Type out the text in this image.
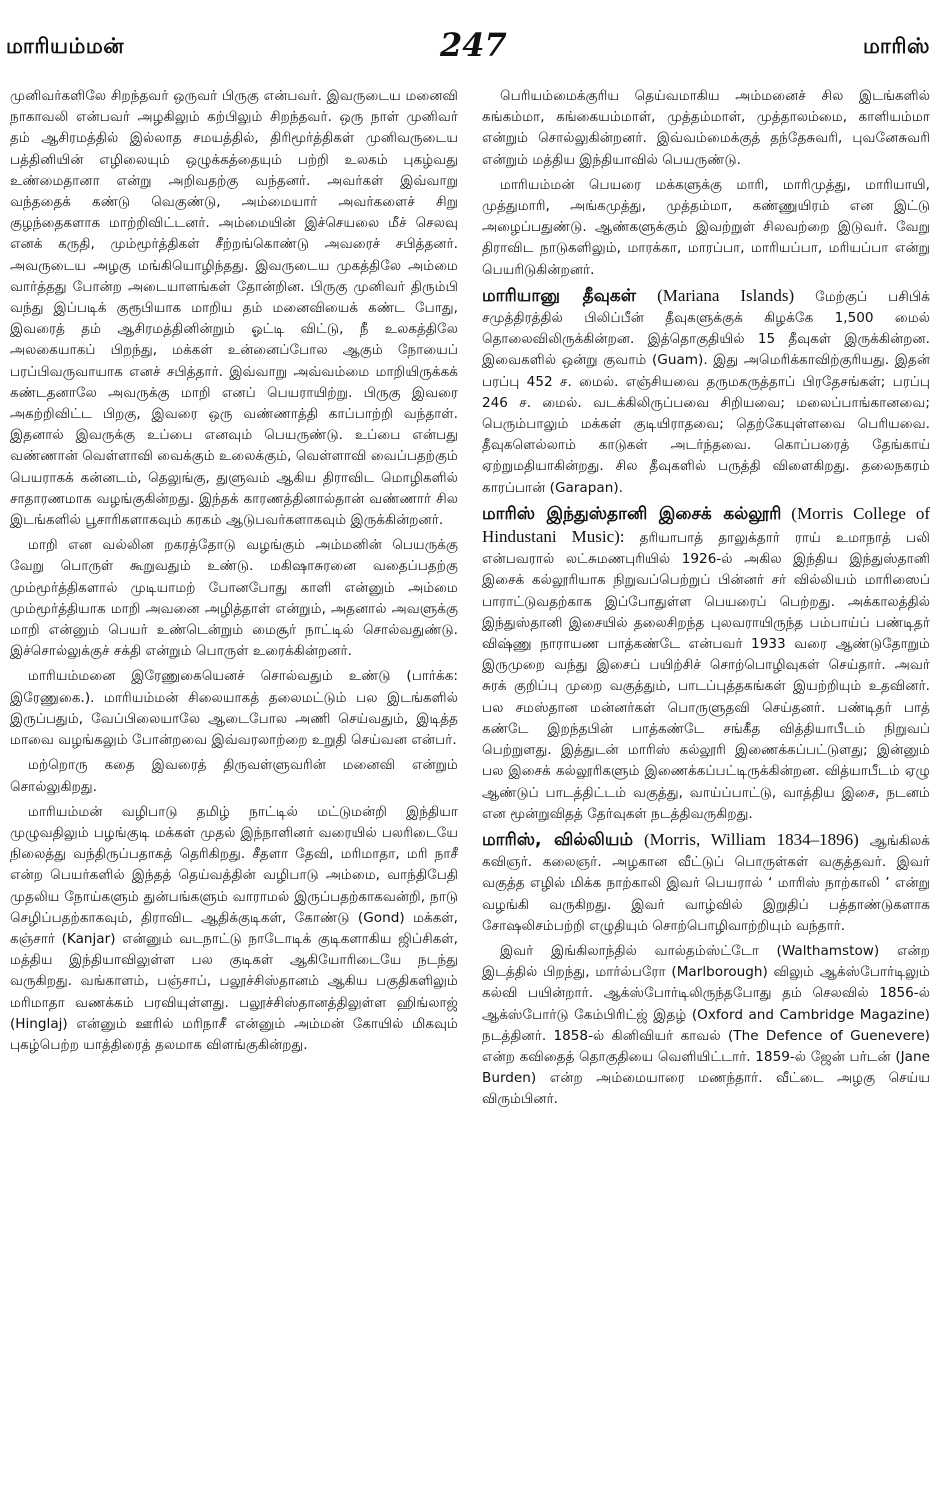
மாரியம்மன்	247	மாரிஸ்

முனிவர்களிலே சிறந்தவர் ஒருவர் பிருகு என்பவர். இவருடைய மனைவி நாகாவலி என்பவர் அழகிலும் கற்பிலும் சிறந்தவர். ஒரு நாள் முனிவர் தம் ஆசிரமத்தில் இல்லாத சமயத்தில், திரிமூர்த்திகள் முனிவருடைய பத்தினியின் எழிலையும் ஒழுக்கத்தையும் பற்றி உலகம் புகழ்வது உண்மைதானா என்று அறிவதற்கு வந்தனர். அவர்கள் இவ்வாறு வந்ததைக் கண்டு வெகுண்டு, அம்மையார் அவர்களைச் சிறு குழந்தைகளாக மாற்றிவிட்டனர். அம்மையின் இச்செயலை மீச் செலவு எனக் கருதி, மும்மூர்த்திகள் சீற்றங்கொண்டு அவரைச் சபித்தனர். அவருடைய அழகு மங்கியொழிந்தது. இவருடைய முகத்திலே அம்மை வார்த்தது போன்ற அடையாளங்கள் தோன்றின. பிருகு முனிவர் திரும்பி வந்து இப்படிக் குரூபியாக மாறிய தம் மனைவியைக் கண்ட போது, இவரைத் தம் ஆசிரமத்தினின்றும் ஓட்டி விட்டு, நீ உலகத்திலே அலகையாகப் பிறந்து, மக்கள் உன்னைப்போல ஆகும் நோயைப் பரப்பிவருவாயாக எனச் சபித்தார். இவ்வாறு அவ்வம்மை மாறியிருக்கக் கண்டதனாலே அவருக்கு மாறி எனப் பெயராயிற்று. பிருகு இவரை அகற்றிவிட்ட பிறகு, இவரை ஒரு வண்ணாத்தி காப்பாற்றி வந்தாள். இதனால் இவருக்கு உப்பை எனவும் பெயருண்டு. உப்பை என்பது வண்ணான் வெள்ளாவி வைக்கும் உலைக்கும், வெள்ளாவி வைப்பதற்கும் பெயராகக் கன்னடம், தெலுங்கு, துளுவம் ஆகிய திராவிட மொழிகளில் சாதாரணமாக வழங்குகின்றது. இந்தக் காரணத்தினால்தான் வண்ணார் சில இடங்களில் பூசாரிகளாகவும் கரகம் ஆடுபவர்களாகவும் இருக்கின்றனர்.

மாறி என வல்லின றகரத்தோடு வழங்கும் அம்மனின் பெயருக்கு வேறு பொருள் கூறுவதும் உண்டு. மகிஷாசுரனை வதைப்பதற்கு மும்மூர்த்திகளால் முடியாமற் போனபோது காளி என்னும் அம்மை மும்மூர்த்தியாக மாறி அவனை அழித்தாள் என்றும், அதனால் அவளுக்கு மாறி என்னும் பெயர் உண்டென்றும் மைசூர் நாட்டில் சொல்வதுண்டு. இச்சொல்லுக்குச் சக்தி என்றும் பொருள் உரைக்கின்றனர்.

மாரியம்மனை இரேணுகையெனச் சொல்வதும் உண்டு (பார்க்க: இரேணுகை.). மாரியம்மன் சிலையாகத் தலைமட்டும் பல இடங்களில் இருப்பதும், வேப்பிலையாலே ஆடைபோல அணி செய்வதும், இடித்த மாவை வழங்கலும் போன்றவை இவ்வரலாற்றை உறுதி செய்வன என்பர்.

மற்றொரு கதை இவரைத் திருவள்ளுவரின் மனைவி என்றும் சொல்லுகிறது.

மாரியம்மன் வழிபாடு தமிழ் நாட்டில் மட்டுமன்றி இந்தியா முழுவதிலும் பழங்குடி மக்கள் முதல் இந்நாளினர் வரையில் பலரிடையே நிலைத்து வந்திருப்பதாகத் தெரிகிறது. சீதளா தேவி, மரிமாதா, மரி நாசீ என்ற பெயர்களில் இந்தத் தெய்வத்தின் வழிபாடு அம்மை, வாந்திபேதி முதலிய நோய்களும் துன்பங்களும் வாராமல் இருப்பதற்காகவன்றி, நாடு செழிப்பதற்காகவும், திராவிட ஆதிக்குடிகள், கோண்டு (Gond) மக்கள், கஞ்சார் (Kanjar) என்னும் வடநாட்டு நாடோடிக் குடிகளாகிய ஜிப்சிகள், மத்திய இந்தியாவிலுள்ள பல குடிகள் ஆகியோரிடையே நடந்து வருகிறது. வங்காளம், பஞ்சாப், பலூச்சிஸ்தானம் ஆகிய பகுதிகளிலும் மரிமாதா வணக்கம் பரவியுள்ளது. பலூச்சிஸ்தானத்திலுள்ள ஹிங்லாஜ் (Hinglaj) என்னும் ஊரில் மரிநாசீ என்னும் அம்மன் கோயில் மிகவும் புகழ்பெற்ற யாத்திரைத் தலமாக விளங்குகின்றது.

பெரியம்மைக்குரிய தெய்வமாகிய அம்மனைச் சில இடங்களில் கங்கம்மா, கங்கையம்மாள், முத்தம்மாள், முத்தாலம்மை, காளியம்மா என்றும் சொல்லுகின்றனர். இவ்வம்மைக்குத் தந்தேசுவரி, புவனேசுவரி என்றும் மத்திய இந்தியாவில் பெயருண்டு.

மாரியம்மன் பெயரை மக்களுக்கு மாரி, மாரிமுத்து, மாரியாயி, முத்துமாரி, அங்கமுத்து, முத்தம்மா, கண்ணுயிரம் என இட்டு அழைப்பதுண்டு. ஆண்களுக்கும் இவற்றுள் சிலவற்றை இடுவர். வேறு திராவிட நாடுகளிலும், மாரக்கா, மாரப்பா, மாரியப்பா, மரியப்பா என்று பெயரிடுகின்றனர்.

மாரியானு தீவுகள் (Mariana Islands) மேற்குப் பசிபிக் சமுத்திரத்தில் பிலிப்பீன் தீவுகளுக்குக் கிழக்கே 1,500 மைல் தொலைவிலிருக்கின்றன. இத்தொகுதியில் 15 தீவுகள் இருக்கின்றன. இவைகளில் ஒன்று குவாம் (Guam). இது அமெரிக்காவிற்குரியது. இதன் பரப்பு 452 ச. மைல். எஞ்சியவை தருமகருத்தாப் பிரதேசங்கள்; பரப்பு 246 ச. மைல். வடக்கிலிருப்பவை சிறியவை; மலைப்பாங்கானவை; பெரும்பாலும் மக்கள் குடியிராதவை; தெற்கேயுள்ளவை பெரியவை. தீவுகளெல்லாம் காடுகள் அடர்ந்தவை. கொப்பரைத் தேங்காய் ஏற்றுமதியாகின்றது. சில தீவுகளில் பருத்தி விளைகிறது. தலைநகரம் காரப்பான் (Garapan).

மாரிஸ் இந்துஸ்தானி இசைக் கல்லூரி (Morris College of Hindustani Music): தரியாபாத் தாலுக்தார் ராய் உமாநாத் பலி என்பவரால் லட்சுமணபுரியில் 1926-ல் அகில இந்திய இந்துஸ்தானி இசைக் கல்லூரியாக நிறுவப்பெற்றுப் பின்னர் சர் வில்லியம் மாரிஸைப் பாராட்டுவதற்காக இப்போதுள்ள பெயரைப் பெற்றது. அக்காலத்தில் இந்துஸ்தானி இசையில் தலைசிறந்த புலவராயிருந்த பம்பாய்ப் பண்டிதர் விஷ்ணு நாராயண பாத்கண்டே என்பவர் 1933 வரை ஆண்டுதோறும் இருமுறை வந்து இசைப் பயிற்சிச் சொற்பொழிவுகள் செய்தார். அவர் சுரக் குறிப்பு முறை வகுத்தும், பாடப்புத்தகங்கள் இயற்றியும் உதவினர். பல சமஸ்தான மன்னர்கள் பொருளுதவி செய்தனர். பண்டிதர் பாத் கண்டே இறந்தபின் பாத்கண்டே சங்கீத வித்தியாபீடம் நிறுவப் பெற்றுளது. இத்துடன் மாரிஸ் கல்லூரி இணைக்கப்பட்டுளது; இன்னும் பல இசைக் கல்லூரிகளும் இணைக்கப்பட்டிருக்கின்றன. வித்யாபீடம் ஏழு ஆண்டுப் பாடத்திட்டம் வகுத்து, வாய்ப்பாட்டு, வாத்திய இசை, நடனம் என மூன்றுவிதத் தேர்வுகள் நடத்திவருகிறது.

மாரிஸ், வில்லியம் (Morris, William 1834–1896) ஆங்கிலக் கவிஞர். கலைஞர். அழகான வீட்டுப் பொருள்கள் வகுத்தவர். இவர் வகுத்த எழில் மிக்க நாற்காலி இவர் பெயரால் ‘ மாரிஸ் நாற்காலி ’ என்று வழங்கி வருகிறது. இவர் வாழ்வில் இறுதிப் பத்தாண்டுகளாக சோஷலிசம்பற்றி எழுதியும் சொற்பொழிவாற்றியும் வந்தார்.

இவர் இங்கிலாந்தில் வால்தம்ஸ்ட்டோ (Walthamstow) என்ற இடத்தில் பிறந்து, மார்ல்பரோ (Marlborough) விலும் ஆக்ஸ்போர்டிலும் கல்வி பயின்றார். ஆக்ஸ்போர்டிலிருந்தபோது தம் செலவில் 1856-ல் ஆக்ஸ்போர்டு கேம்பிரிட்ஜ் இதழ் (Oxford and Cambridge Magazine) நடத்தினர். 1858-ல் கினிவியர் காவல் (The Defence of Guenevere) என்ற கவிதைத் தொகுதியை வெளியிட்டார். 1859-ல் ஜேன் பர்டன் (Jane Burden) என்ற அம்மையாரை மணந்தார். வீட்டை அழகு செய்ய விரும்பினர்.
